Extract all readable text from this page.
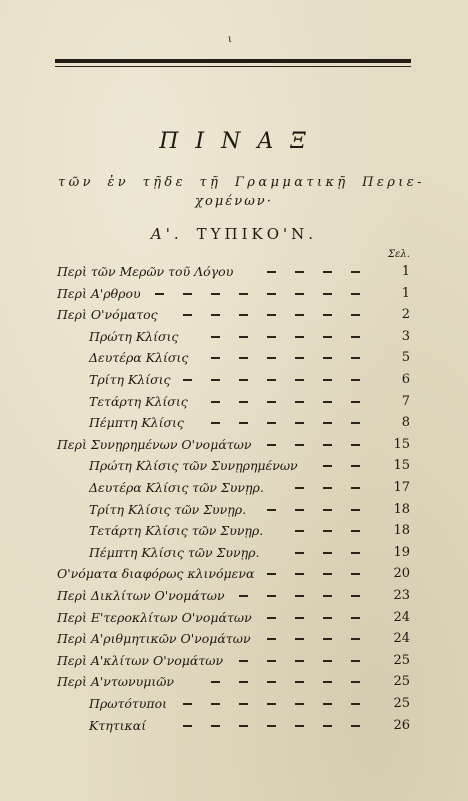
ι
ΠΙΝΑΞ
τῶν ἐν τῇδε τῇ Γραμματικῇ Περιε-
χομένων·
Α'. ΤΥΠΙΚΟ'Ν.
Σελ.
Περὶ τῶν Μερῶν τοῦ Λόγου	1
Περὶ Α'ρθρου	1
Περὶ Ο'νόματος	2
Πρώτη Κλίσις	3
Δευτέρα Κλίσις	5
Τρίτη Κλίσις	6
Τετάρτη Κλίσις	7
Πέμπτη Κλίσις	8
Περὶ Συνῃρημένων Ο'νομάτων	15
Πρώτη Κλίσις τῶν Συνῃρημένων	15
Δευτέρα Κλίσις τῶν Συνῃρ.	17
Τρίτη Κλίσις τῶν Συνῃρ.	18
Τετάρτη Κλίσις τῶν Συνῃρ.	18
Πέμπτη Κλίσις τῶν Συνῃρ.	19
Ο'νόματα διαφόρως κλινόμενα	20
Περὶ Δικλίτων Ο'νομάτων	23
Περὶ Ε'τεροκλίτων Ο'νομάτων	24
Περὶ Α'ριθμητικῶν Ο'νομάτων	24
Περὶ Α'κλίτων Ο'νομάτων	25
Περὶ Α'ντωνυμιῶν	25
Πρωτότυποι	25
Κτητικαί	26
